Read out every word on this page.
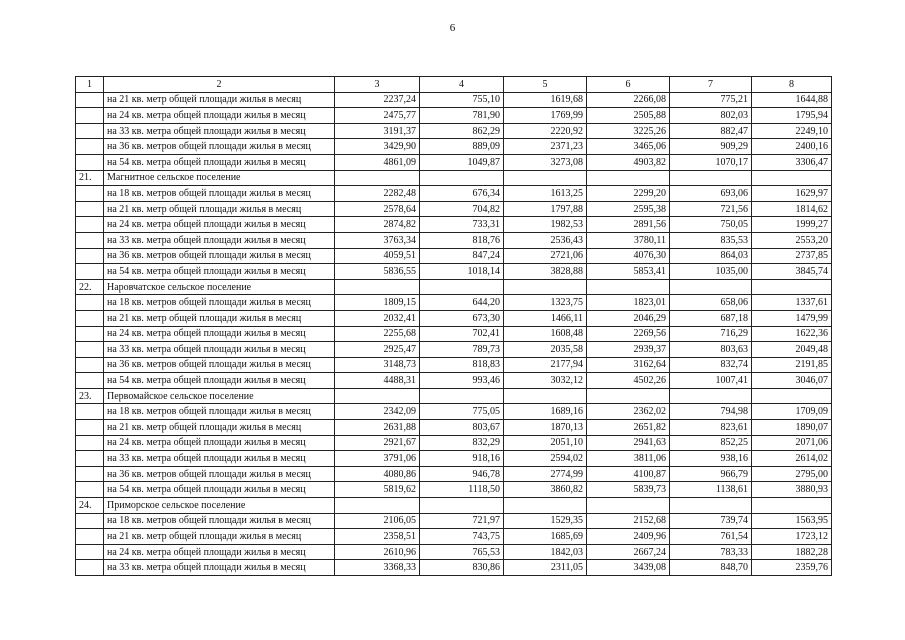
6
1	2	3	4	5	6	7	8
	на 21 кв. метр общей площади жилья в месяц	2237,24	755,10	1619,68	2266,08	775,21	1644,88
	на 24 кв. метра общей площади жилья в месяц	2475,77	781,90	1769,99	2505,88	802,03	1795,94
	на 33 кв. метра общей площади жилья в месяц	3191,37	862,29	2220,92	3225,26	882,47	2249,10
	на 36 кв. метров общей площади жилья в месяц	3429,90	889,09	2371,23	3465,06	909,29	2400,16
	на 54 кв. метра общей площади жилья в месяц	4861,09	1049,87	3273,08	4903,82	1070,17	3306,47
21.	Магнитное сельское поселение						
	на 18 кв. метров общей площади жилья в месяц	2282,48	676,34	1613,25	2299,20	693,06	1629,97
	на 21 кв. метр общей площади жилья в месяц	2578,64	704,82	1797,88	2595,38	721,56	1814,62
	на 24 кв. метра общей площади жилья в месяц	2874,82	733,31	1982,53	2891,56	750,05	1999,27
	на 33 кв. метра общей площади жилья в месяц	3763,34	818,76	2536,43	3780,11	835,53	2553,20
	на 36 кв. метров общей площади жилья в месяц	4059,51	847,24	2721,06	4076,30	864,03	2737,85
	на 54 кв. метра общей площади жилья в месяц	5836,55	1018,14	3828,88	5853,41	1035,00	3845,74
22.	Наровчатское сельское поселение						
	на 18 кв. метров общей площади жилья в месяц	1809,15	644,20	1323,75	1823,01	658,06	1337,61
	на 21 кв. метр общей площади жилья в месяц	2032,41	673,30	1466,11	2046,29	687,18	1479,99
	на 24 кв. метра общей площади жилья в месяц	2255,68	702,41	1608,48	2269,56	716,29	1622,36
	на 33 кв. метра общей площади жилья в месяц	2925,47	789,73	2035,58	2939,37	803,63	2049,48
	на 36 кв. метров общей площади жилья в месяц	3148,73	818,83	2177,94	3162,64	832,74	2191,85
	на 54 кв. метра общей площади жилья в месяц	4488,31	993,46	3032,12	4502,26	1007,41	3046,07
23.	Первомайское сельское поселение						
	на 18 кв. метров общей площади жилья в месяц	2342,09	775,05	1689,16	2362,02	794,98	1709,09
	на 21 кв. метр общей площади жилья в месяц	2631,88	803,67	1870,13	2651,82	823,61	1890,07
	на 24 кв. метра общей площади жилья в месяц	2921,67	832,29	2051,10	2941,63	852,25	2071,06
	на 33 кв. метра общей площади жилья в месяц	3791,06	918,16	2594,02	3811,06	938,16	2614,02
	на 36 кв. метров общей площади жилья в месяц	4080,86	946,78	2774,99	4100,87	966,79	2795,00
	на 54 кв. метра общей площади жилья в месяц	5819,62	1118,50	3860,82	5839,73	1138,61	3880,93
24.	Приморское сельское поселение						
	на 18 кв. метров общей площади жилья в месяц	2106,05	721,97	1529,35	2152,68	739,74	1563,95
	на 21 кв. метр общей площади жилья в месяц	2358,51	743,75	1685,69	2409,96	761,54	1723,12
	на 24 кв. метра общей площади жилья в месяц	2610,96	765,53	1842,03	2667,24	783,33	1882,28
	на 33 кв. метра общей площади жилья в месяц	3368,33	830,86	2311,05	3439,08	848,70	2359,76
